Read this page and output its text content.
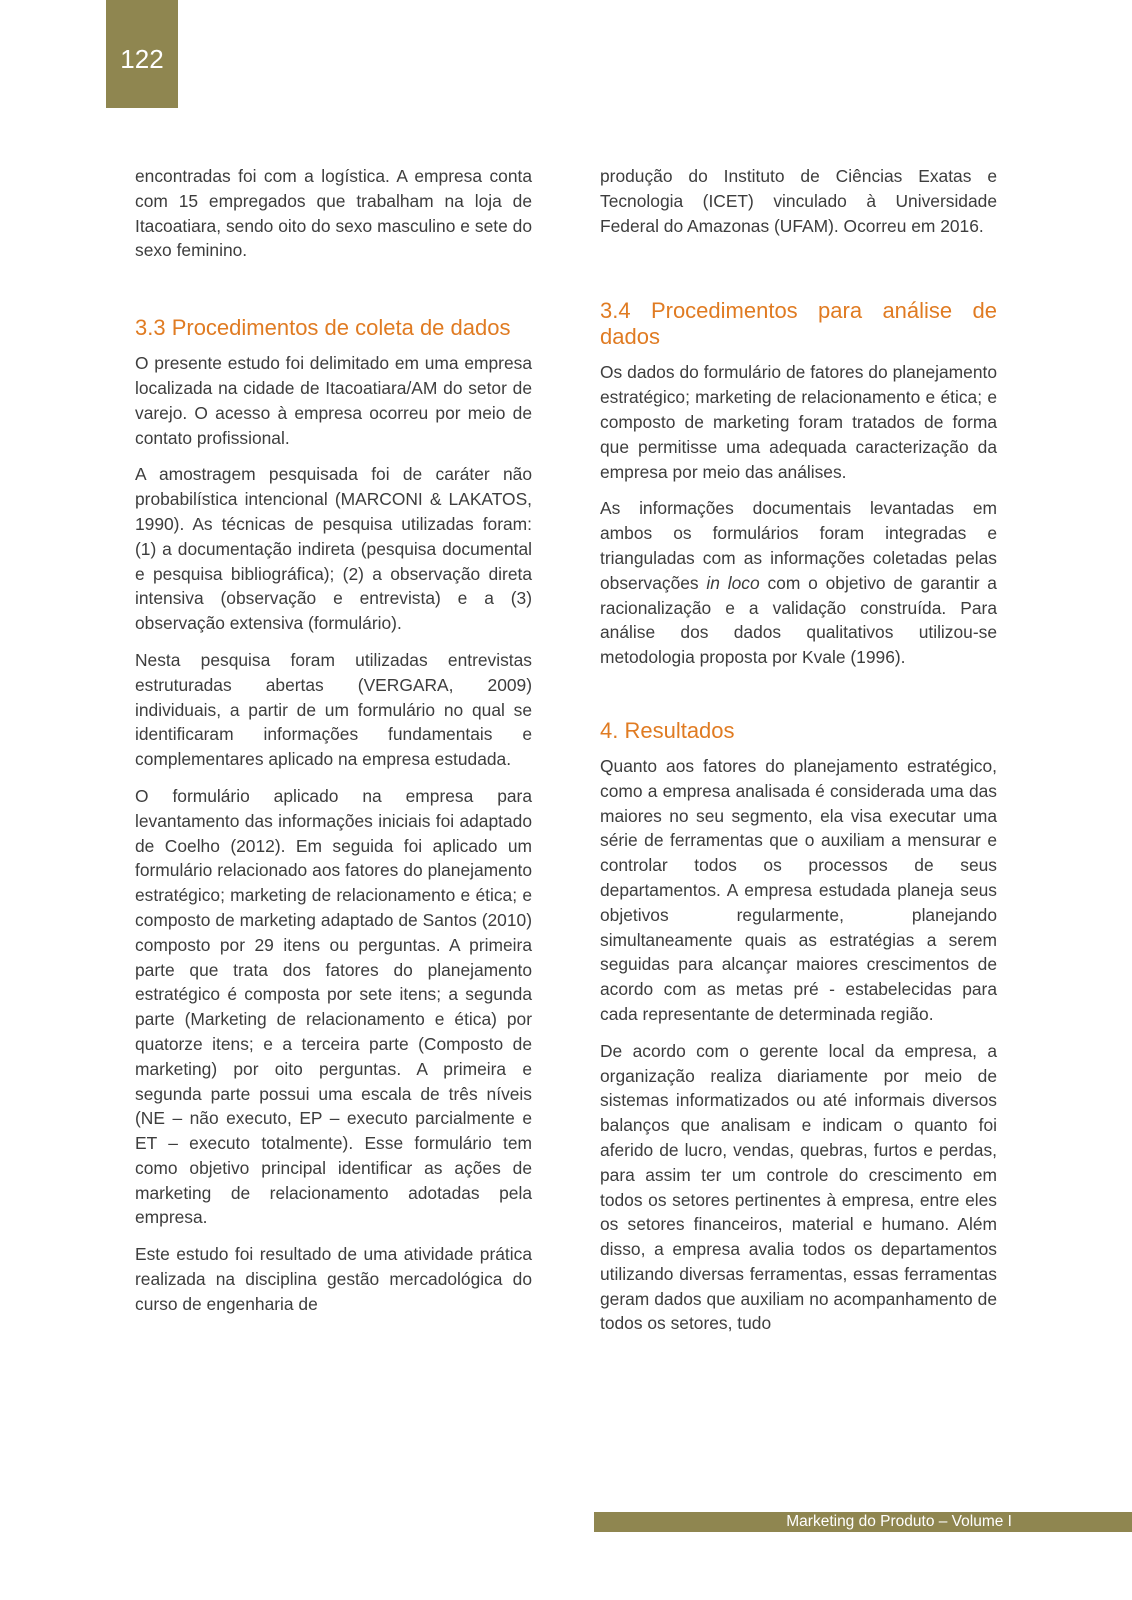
122

encontradas foi com a logística. A empresa conta com 15 empregados que trabalham na loja de Itacoatiara, sendo oito do sexo masculino e sete do sexo feminino.

3.3 Procedimentos de coleta de dados

O presente estudo foi delimitado em uma empresa localizada na cidade de Itacoatiara/AM do setor de varejo. O acesso à empresa ocorreu por meio de contato profissional.

A amostragem pesquisada foi de caráter não probabilística intencional (MARCONI & LAKATOS, 1990). As técnicas de pesquisa utilizadas foram: (1) a documentação indireta (pesquisa documental e pesquisa bibliográfica); (2) a observação direta intensiva (observação e entrevista) e a (3) observação extensiva (formulário).

Nesta pesquisa foram utilizadas entrevistas estruturadas abertas (VERGARA, 2009) individuais, a partir de um formulário no qual se identificaram informações fundamentais e complementares aplicado na empresa estudada.

O formulário aplicado na empresa para levantamento das informações iniciais foi adaptado de Coelho (2012). Em seguida foi aplicado um formulário relacionado aos fatores do planejamento estratégico; marketing de relacionamento e ética; e composto de marketing adaptado de Santos (2010) composto por 29 itens ou perguntas. A primeira parte que trata dos fatores do planejamento estratégico é composta por sete itens; a segunda parte (Marketing de relacionamento e ética) por quatorze itens; e a terceira parte (Composto de marketing) por oito perguntas. A primeira e segunda parte possui uma escala de três níveis (NE – não executo, EP – executo parcialmente e ET – executo totalmente). Esse formulário tem como objetivo principal identificar as ações de marketing de relacionamento adotadas pela empresa.

Este estudo foi resultado de uma atividade prática realizada na disciplina gestão mercadológica do curso de engenharia de

produção do Instituto de Ciências Exatas e Tecnologia (ICET) vinculado à Universidade Federal do Amazonas (UFAM). Ocorreu em 2016.

3.4 Procedimentos para análise de dados

Os dados do formulário de fatores do planejamento estratégico; marketing de relacionamento e ética; e composto de marketing foram tratados de forma que permitisse uma adequada caracterização da empresa por meio das análises.

As informações documentais levantadas em ambos os formulários foram integradas e trianguladas com as informações coletadas pelas observações in loco com o objetivo de garantir a racionalização e a validação construída. Para análise dos dados qualitativos utilizou-se metodologia proposta por Kvale (1996).

4. Resultados

Quanto aos fatores do planejamento estratégico, como a empresa analisada é considerada uma das maiores no seu segmento, ela visa executar uma série de ferramentas que o auxiliam a mensurar e controlar todos os processos de seus departamentos. A empresa estudada planeja seus objetivos regularmente, planejando simultaneamente quais as estratégias a serem seguidas para alcançar maiores crescimentos de acordo com as metas pré - estabelecidas para cada representante de determinada região.

De acordo com o gerente local da empresa, a organização realiza diariamente por meio de sistemas informatizados ou até informais diversos balanços que analisam e indicam o quanto foi aferido de lucro, vendas, quebras, furtos e perdas, para assim ter um controle do crescimento em todos os setores pertinentes à empresa, entre eles os setores financeiros, material e humano. Além disso, a empresa avalia todos os departamentos utilizando diversas ferramentas, essas ferramentas geram dados que auxiliam no acompanhamento de todos os setores, tudo

Marketing do Produto – Volume I
